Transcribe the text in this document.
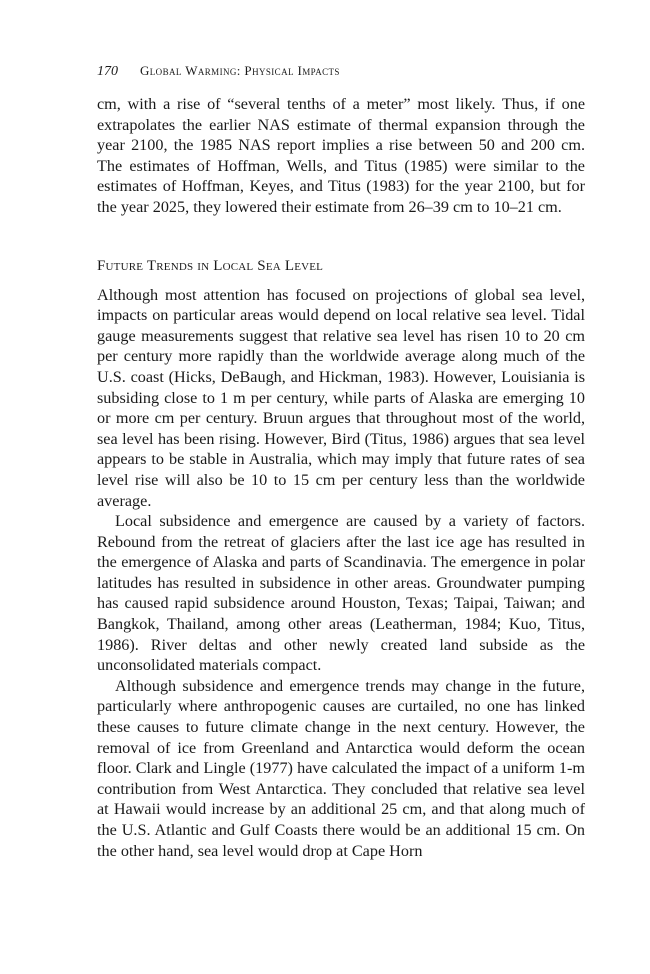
170 Global Warming: Physical Impacts

cm, with a rise of “several tenths of a meter” most likely. Thus, if one extrapolates the earlier NAS estimate of thermal expansion through the year 2100, the 1985 NAS report implies a rise between 50 and 200 cm. The estimates of Hoffman, Wells, and Titus (1985) were similar to the estimates of Hoffman, Keyes, and Titus (1983) for the year 2100, but for the year 2025, they lowered their estimate from 26–39 cm to 10–21 cm.

Future Trends in Local Sea Level

Although most attention has focused on projections of global sea level, impacts on particular areas would depend on local relative sea level. Tidal gauge measurements suggest that relative sea level has risen 10 to 20 cm per century more rapidly than the worldwide average along much of the U.S. coast (Hicks, DeBaugh, and Hickman, 1983). However, Louisiania is subsiding close to 1 m per century, while parts of Alaska are emerging 10 or more cm per century. Bruun argues that throughout most of the world, sea level has been rising. However, Bird (Titus, 1986) argues that sea level appears to be stable in Australia, which may imply that future rates of sea level rise will also be 10 to 15 cm per century less than the worldwide average.

Local subsidence and emergence are caused by a variety of factors. Rebound from the retreat of glaciers after the last ice age has resulted in the emergence of Alaska and parts of Scandinavia. The emergence in polar latitudes has resulted in subsidence in other areas. Groundwater pumping has caused rapid subsidence around Houston, Texas; Taipai, Taiwan; and Bangkok, Thailand, among other areas (Leatherman, 1984; Kuo, Titus, 1986). River deltas and other newly created land subside as the unconsolidated materials compact.

Although subsidence and emergence trends may change in the future, particularly where anthropogenic causes are curtailed, no one has linked these causes to future climate change in the next century. However, the removal of ice from Greenland and Antarctica would deform the ocean floor. Clark and Lingle (1977) have calculated the impact of a uniform 1-m contribution from West Antarctica. They concluded that relative sea level at Hawaii would increase by an additional 25 cm, and that along much of the U.S. Atlantic and Gulf Coasts there would be an additional 15 cm. On the other hand, sea level would drop at Cape Horn
